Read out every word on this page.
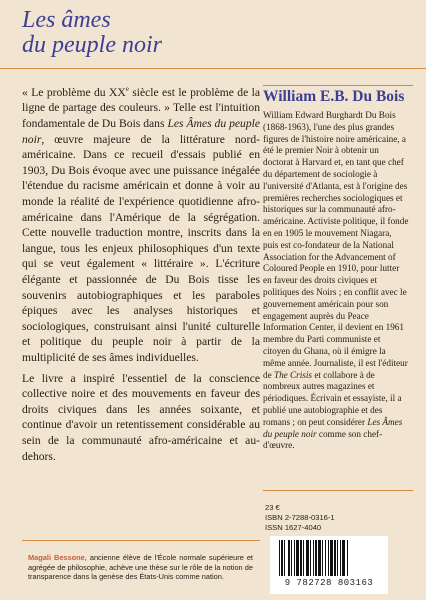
Les âmes
du peuple noir

« Le problème du XXe siècle est le problème de la ligne de partage des couleurs. » Telle est l'intuition fondamentale de Du Bois dans Les Âmes du peuple noir, œuvre majeure de la littérature nord-américaine. Dans ce recueil d'essais publié en 1903, Du Bois évoque avec une puissance inégalée l'étendue du racisme américain et donne à voir au monde la réalité de l'expérience quotidienne afro-américaine dans l'Amérique de la ségrégation. Cette nouvelle traduction montre, inscrits dans la langue, tous les enjeux philosophiques d'un texte qui se veut également « littéraire ». L'écriture élégante et passionnée de Du Bois tisse les souvenirs autobiographiques et les paraboles épiques avec les analyses historiques et sociologiques, construisant ainsi l'unité culturelle et politique du peuple noir à partir de la multiplicité de ses âmes individuelles.

Le livre a inspiré l'essentiel de la conscience collective noire et des mouvements en faveur des droits civiques dans les années soixante, et continue d'avoir un retentissement considérable au sein de la communauté afro-américaine et au-dehors.

William E.B. Du Bois

William Edward Burghardt Du Bois (1868-1963), l'une des plus grandes figures de l'histoire noire américaine, a été le premier Noir à obtenir un doctorat à Harvard et, en tant que chef du département de sociologie à l'université d'Atlanta, est à l'origine des premières recherches sociologiques et historiques sur la communauté afro-américaine. Activiste politique, il fonde en en 1905 le mouvement Niagara, puis est co-fondateur de la National Association for the Advancement of Coloured People en 1910, pour lutter en faveur des droits civiques et politiques des Noirs ; en conflit avec le gouvernement américain pour son engagement auprès du Peace Information Center, il devient en 1961 membre du Parti communiste et citoyen du Ghana, où il émigre la même année. Journaliste, il est l'éditeur de The Crisis et collabore à de nombreux autres magazines et périodiques. Écrivain et essayiste, il a publié une autobiographie et des romans ; on peut considérer Les Âmes du peuple noir comme son chef-d'œuvre.

23 €
ISBN 2-7288-0316-1
ISSN 1627-4040

Magali Bessone, ancienne élève de l'École normale supérieure et agrégée de philosophie, achève une thèse sur le rôle de la notion de transparence dans la genèse des États-Unis comme nation.

9 782728 803163
